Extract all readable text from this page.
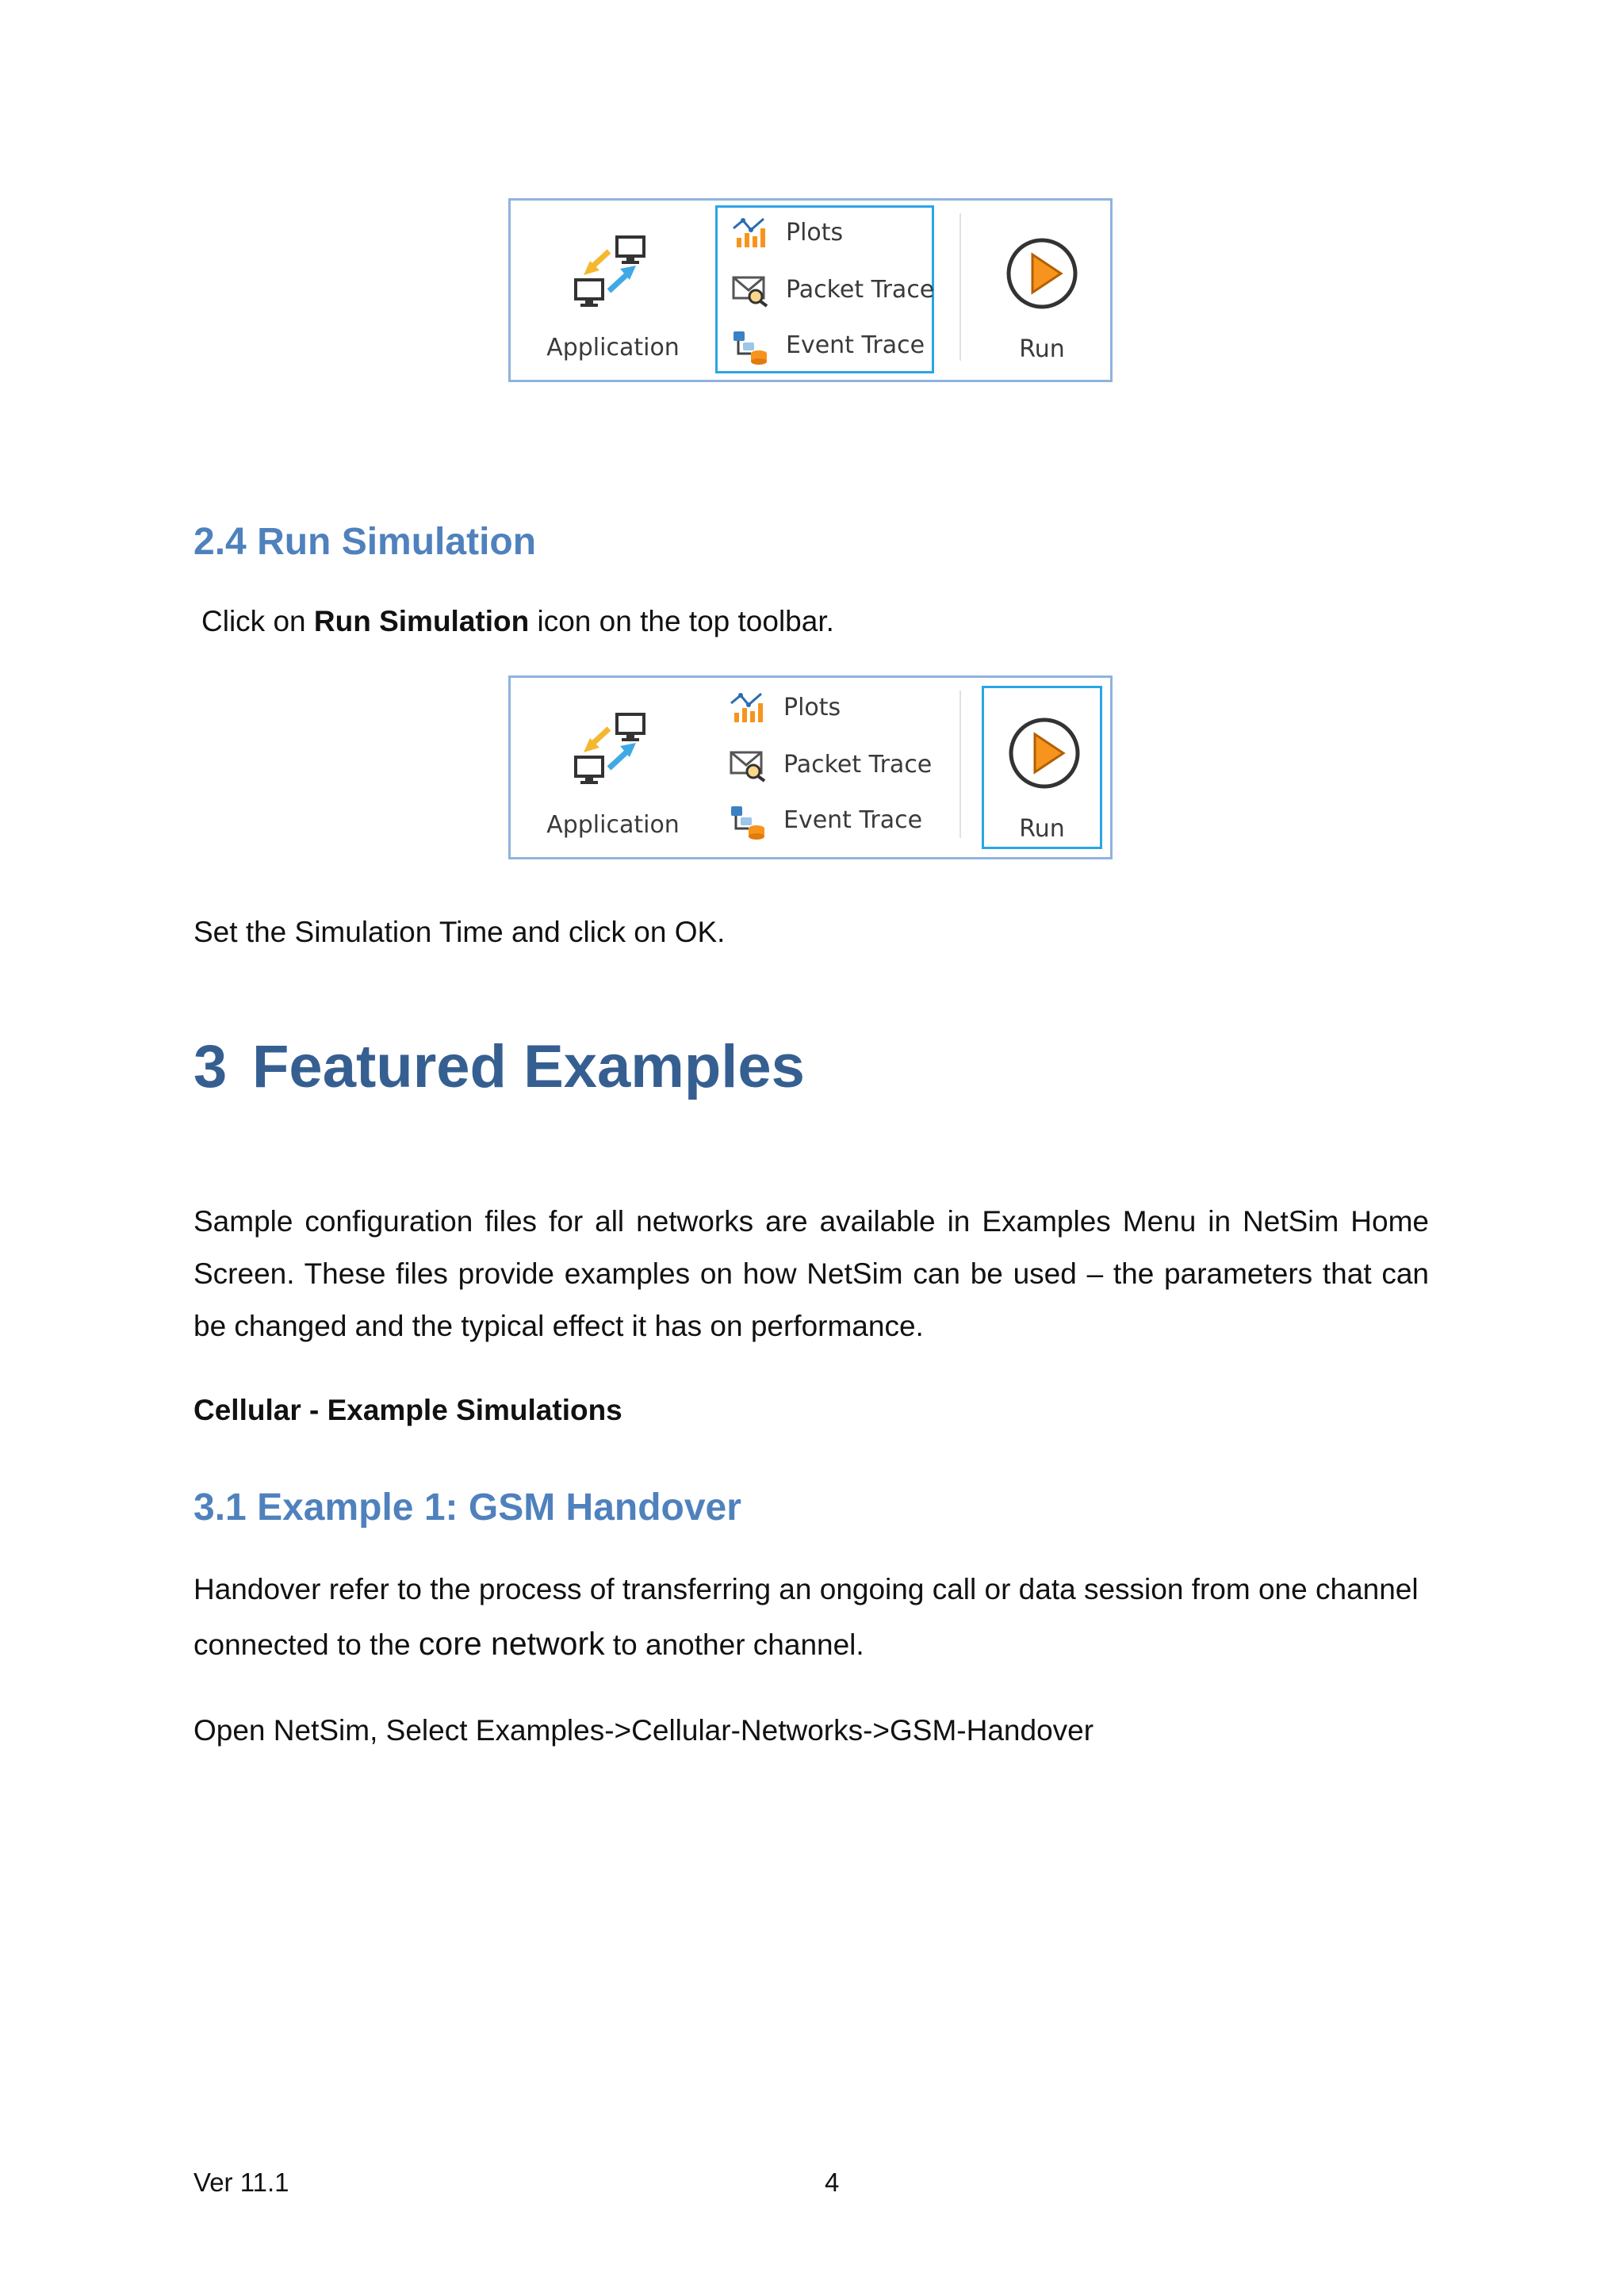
Application
Plots
Packet Trace
Event Trace	Run
2.4 Run Simulation
Click on Run Simulation icon on the top toolbar.
Application
Plots
Packet Trace
Event Trace	Run
Set the Simulation Time and click on OK.
3 Featured Examples
Sample configuration files for all networks are available in Examples Menu in NetSim Home Screen. These files provide examples on how NetSim can be used – the parameters that can be changed and the typical effect it has on performance.
Cellular - Example Simulations
3.1 Example 1: GSM Handover
Handover refer to the process of transferring an ongoing call or data session from one channel connected to the core network to another channel.
Open NetSim, Select Examples->Cellular-Networks->GSM-Handover
Ver 11.1	4
